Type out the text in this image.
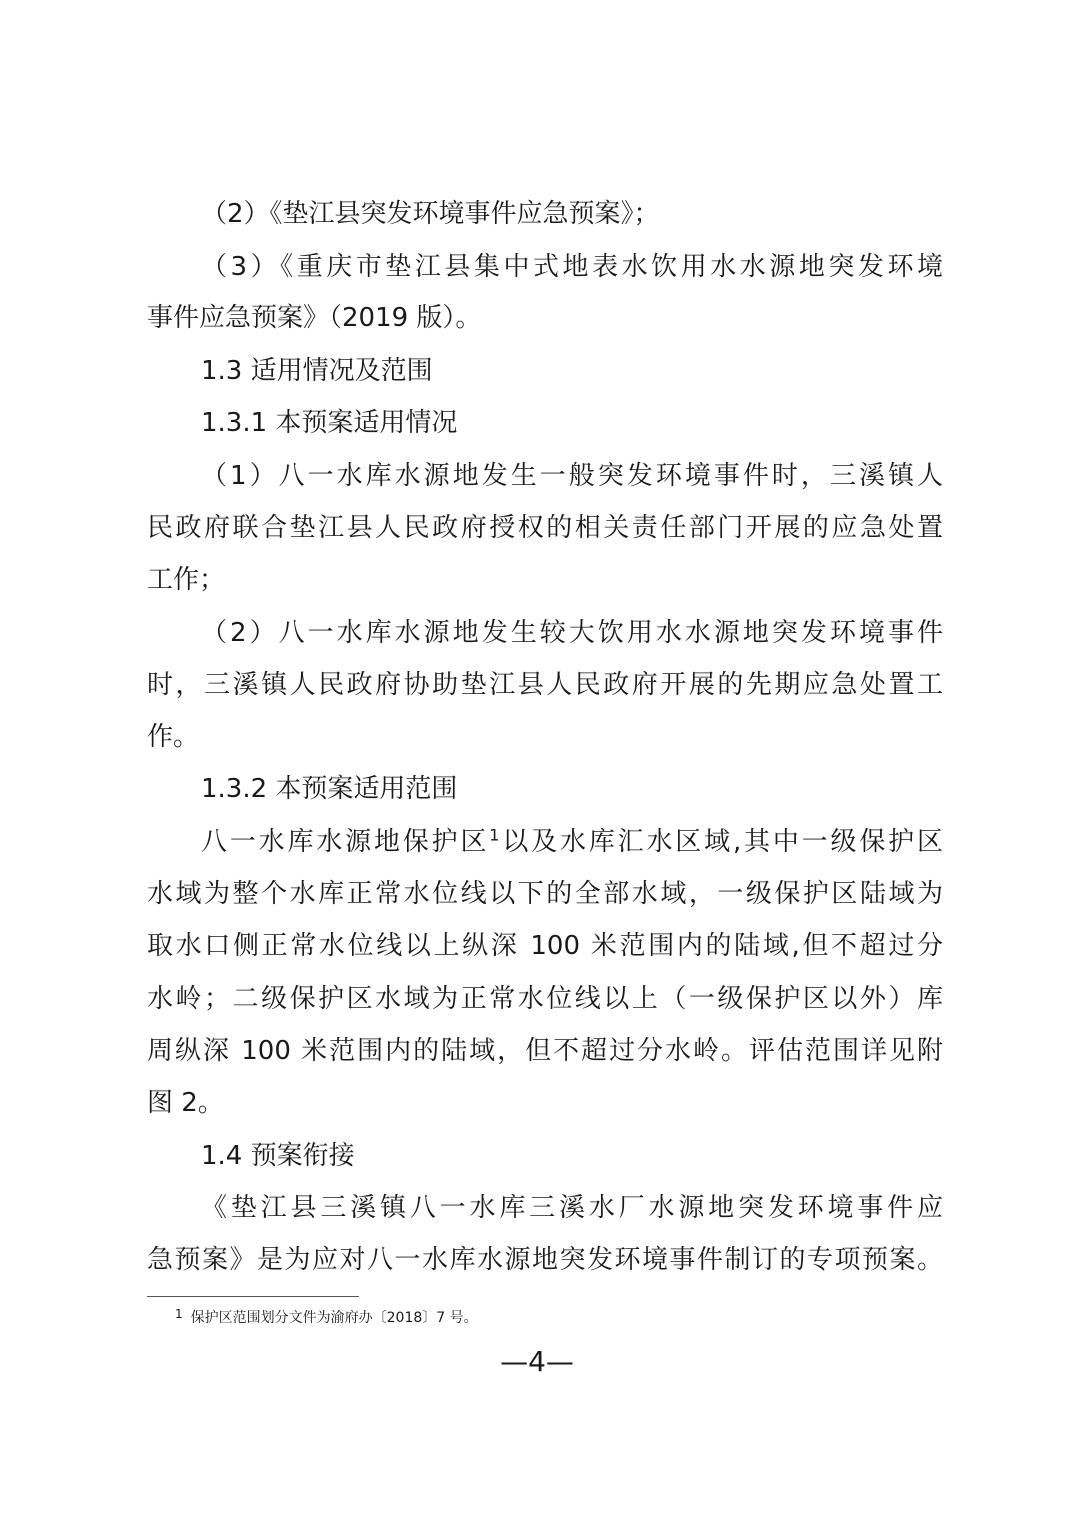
（2）《垫江县突发环境事件应急预案》；
（3）《重庆市垫江县集中式地表水饮用水水源地突发环境
事件应急预案》（2019 版）。
1.3 适用情况及范围
1.3.1 本预案适用情况
（1）八一水库水源地发生一般突发环境事件时，三溪镇人
民政府联合垫江县人民政府授权的相关责任部门开展的应急处置
工作；
（2）八一水库水源地发生较大饮用水水源地突发环境事件
时，三溪镇人民政府协助垫江县人民政府开展的先期应急处置工
作。
1.3.2 本预案适用范围
八一水库水源地保护区$^1$以及水库汇水区域,其中一级保护区
水域为整个水库正常水位线以下的全部水域，一级保护区陆域为
取水口侧正常水位线以上纵深 100 米范围内的陆域,但不超过分
水岭；二级保护区水域为正常水位线以上（一级保护区以外）库
周纵深 100 米范围内的陆域，但不超过分水岭。评估范围详见附
图 2。
1.4 预案衔接
《垫江县三溪镇八一水库三溪水厂水源地突发环境事件应
急预案》是为应对八一水库水源地突发环境事件制订的专项预案。
1 保护区范围划分文件为渝府办〔2018〕7 号。
—4—
